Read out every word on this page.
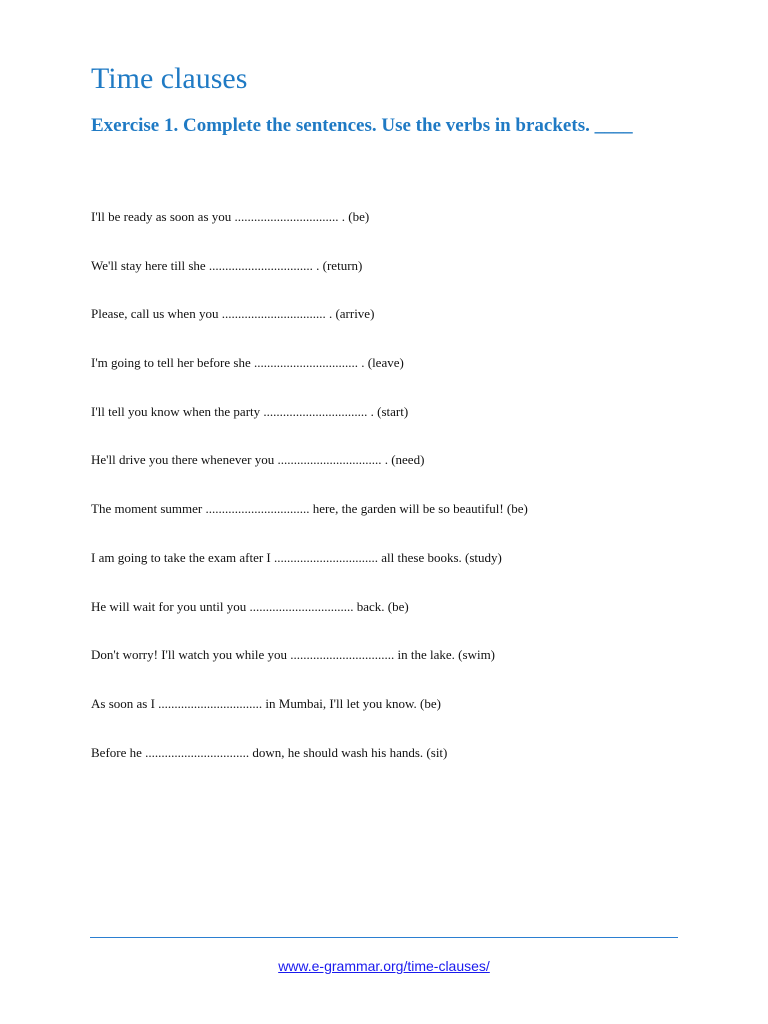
Time clauses
Exercise 1. Complete the sentences. Use the verbs in brackets. ____
I'll be ready as soon as you ................................ . (be)
We'll stay here till she ................................ . (return)
Please, call us when you ................................ . (arrive)
I'm going to tell her before she ................................ . (leave)
I'll tell you know when the party ................................ . (start)
He'll drive you there whenever you ................................ . (need)
The moment summer ................................ here, the garden will be so beautiful! (be)
I am going to take the exam after I ................................ all these books. (study)
He will wait for you until you ................................ back. (be)
Don't worry! I'll watch you while you ................................ in the lake. (swim)
As soon as I ................................ in Mumbai, I'll let you know. (be)
Before he ................................ down, he should wash his hands. (sit)
www.e-grammar.org/time-clauses/
